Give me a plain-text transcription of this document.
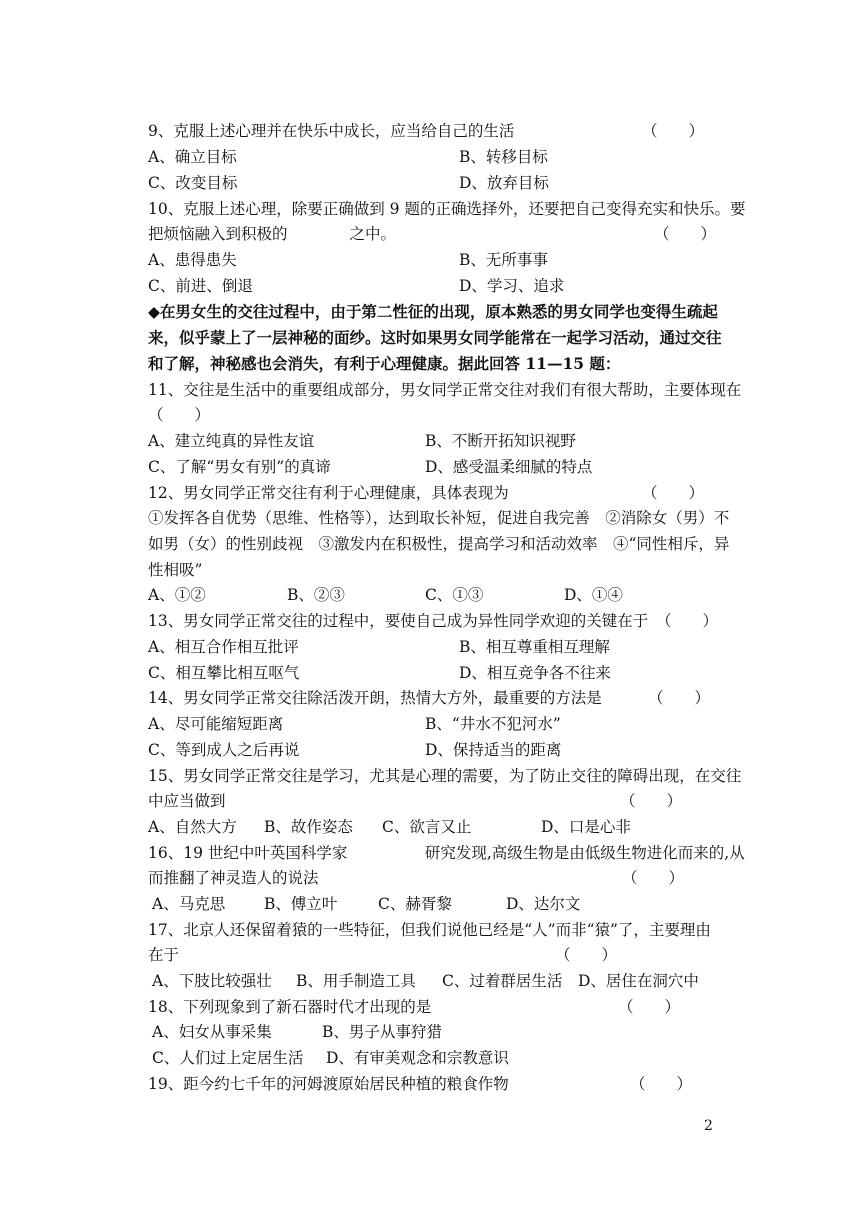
9、克服上述心理并在快乐中成长，应当给自己的生活	（　　）
A、确立目标	B、转移目标
C、改变目标	D、放弃目标
10、克服上述心理，除要正确做到 9 题的正确选择外，还要把自己变得充实和快乐。要
把烦恼融入到积极的　　　　之中。	（　　）
A、患得患失	B、无所事事
C、前进、倒退	D、学习、追求
◆在男女生的交往过程中，由于第二性征的出现，原本熟悉的男女同学也变得生疏起
来，似乎蒙上了一层神秘的面纱。这时如果男女同学能常在一起学习活动，通过交往
和了解，神秘感也会消失，有利于心理健康。据此回答 11—15 题：
11、交往是生活中的重要组成部分，男女同学正常交往对我们有很大帮助，主要体现在
（　　）
A、建立纯真的异性友谊	B、不断开拓知识视野
C、了解“男女有别”的真谛	D、感受温柔细腻的特点
12、男女同学正常交往有利于心理健康，具体表现为	（　　）
①发挥各自优势（思维、性格等），达到取长补短，促进自我完善　②消除女（男）不
如男（女）的性别歧视　③激发内在积极性，提高学习和活动效率　④“同性相斥，异
性相吸”
A、①②	B、②③	C、①③	D、①④
13、男女同学正常交往的过程中，要使自己成为异性同学欢迎的关键在于 （　　）
A、相互合作相互批评	B、相互尊重相互理解
C、相互攀比相互呕气	D、相互竞争各不往来
14、男女同学正常交往除活泼开朗，热情大方外，最重要的方法是	（　　）
A、尽可能缩短距离	B、“井水不犯河水”
C、等到成人之后再说	D、保持适当的距离
15、男女同学正常交往是学习，尤其是心理的需要，为了防止交往的障碍出现，在交往
中应当做到	（　　）
A、自然大方 B、故作姿态 C、欲言又止	D、口是心非
16、19 世纪中叶英国科学家　　　　　研究发现,高级生物是由低级生物进化而来的,从
而推翻了神灵造人的说法	（　　）
A、马克思	B、傅立叶	C、赫胥黎	D、达尔文
17、北京人还保留着猿的一些特征，但我们说他已经是“人”而非“猿”了，主要理由
在于	（　　）
A、下肢比较强壮 B、用手制造工具 C、过着群居生活 D、居住在洞穴中
18、下列现象到了新石器时代才出现的是	（　　）
A、妇女从事采集	B、男子从事狩猎
C、人们过上定居生活 D、有审美观念和宗教意识
19、距今约七千年的河姆渡原始居民种植的粮食作物	（　　）
2
